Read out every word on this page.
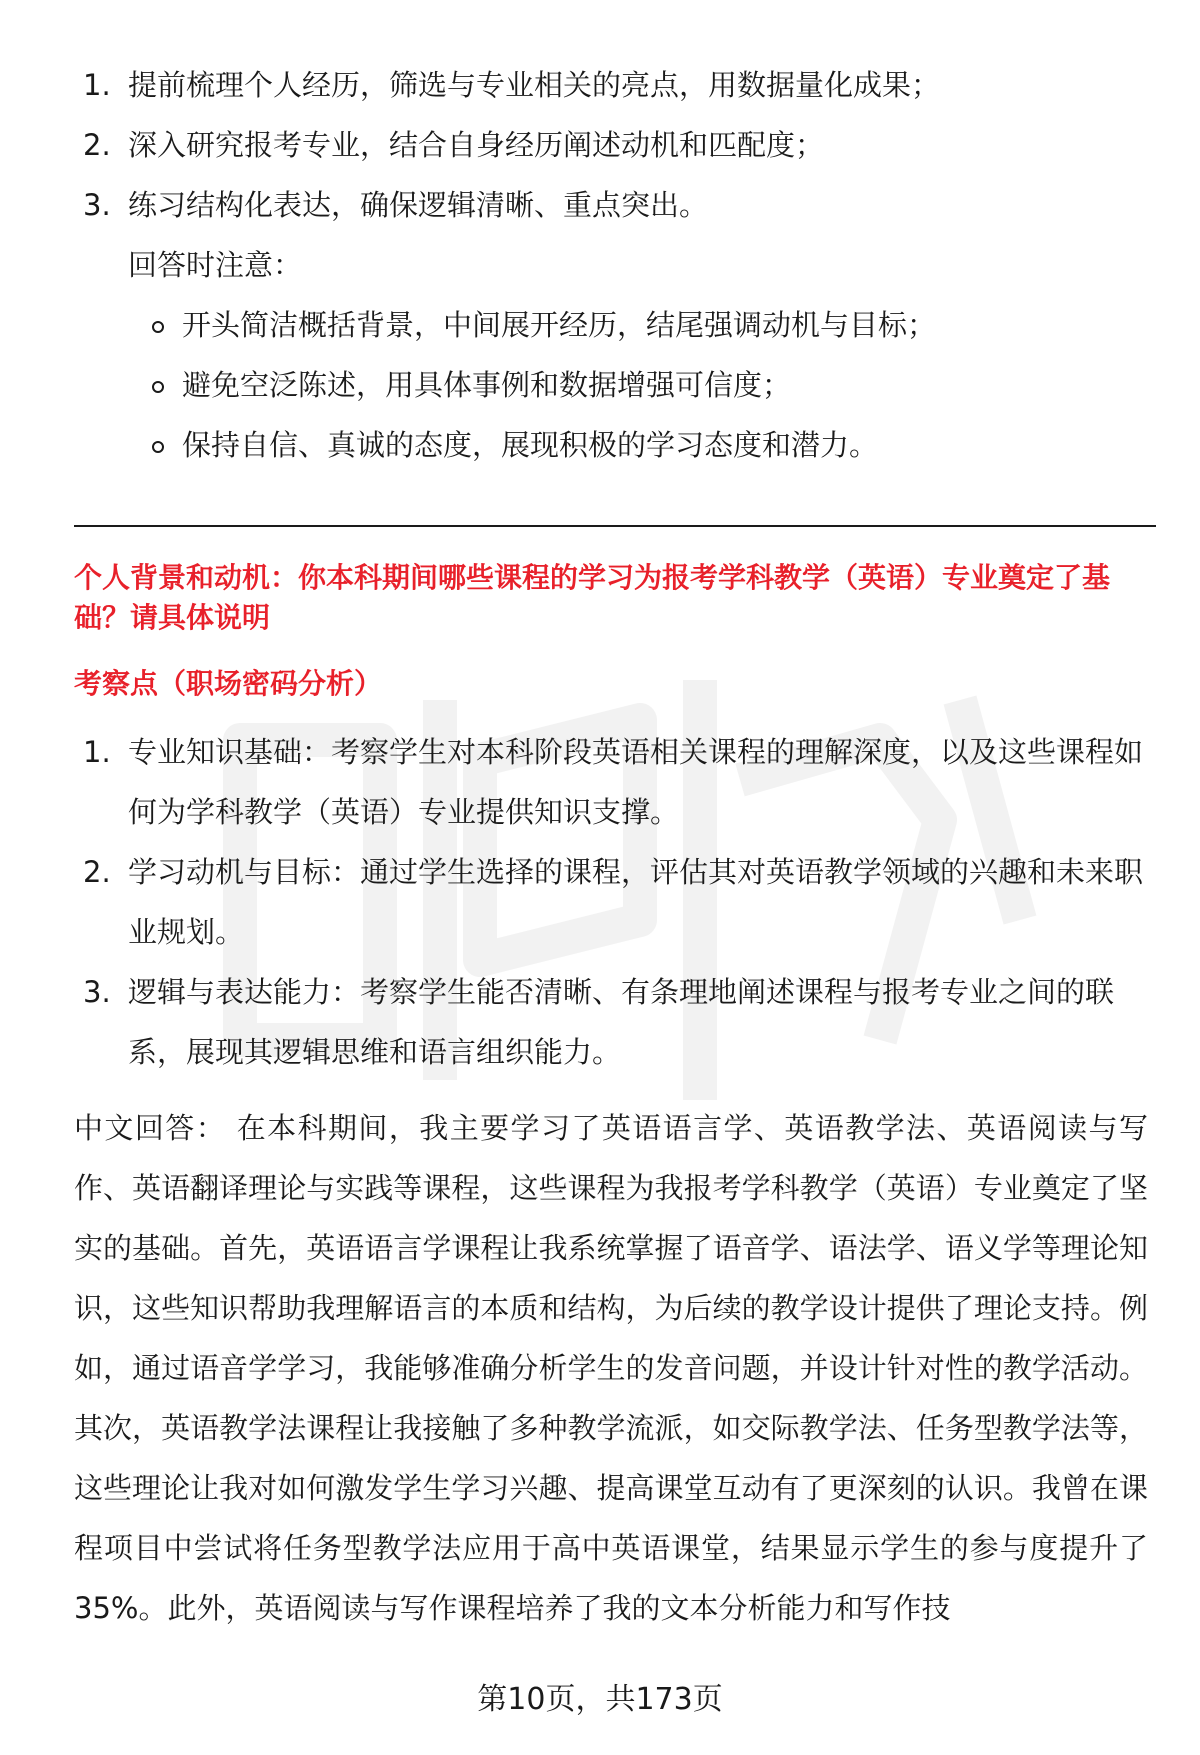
1. 提前梳理个人经历，筛选与专业相关的亮点，用数据量化成果；
2. 深入研究报考专业，结合自身经历阐述动机和匹配度；
3. 练习结构化表达，确保逻辑清晰、重点突出。
回答时注意：
开头简洁概括背景，中间展开经历，结尾强调动机与目标；
避免空泛陈述，用具体事例和数据增强可信度；
保持自信、真诚的态度，展现积极的学习态度和潜力。
个人背景和动机：你本科期间哪些课程的学习为报考学科教学（英语）专业奠定了基础？请具体说明
考察点（职场密码分析）
1. 专业知识基础：考察学生对本科阶段英语相关课程的理解深度，以及这些课程如何为学科教学（英语）专业提供知识支撑。
2. 学习动机与目标：通过学生选择的课程，评估其对英语教学领域的兴趣和未来职业规划。
3. 逻辑与表达能力：考察学生能否清晰、有条理地阐述课程与报考专业之间的联系，展现其逻辑思维和语言组织能力。

中文回答： 在本科期间，我主要学习了英语语言学、英语教学法、英语阅读与写作、英语翻译理论与实践等课程，这些课程为我报考学科教学（英语）专业奠定了坚实的基础。首先，英语语言学课程让我系统掌握了语音学、语法学、语义学等理论知识，这些知识帮助我理解语言的本质和结构，为后续的教学设计提供了理论支持。例如，通过语音学学习，我能够准确分析学生的发音问题，并设计针对性的教学活动。其次，英语教学法课程让我接触了多种教学流派，如交际教学法、任务型教学法等，这些理论让我对如何激发学生学习兴趣、提高课堂互动有了更深刻的认识。我曾在课程项目中尝试将任务型教学法应用于高中英语课堂，结果显示学生的参与度提升了35%。此外，英语阅读与写作课程培养了我的文本分析能力和写作技

第10页，共173页
